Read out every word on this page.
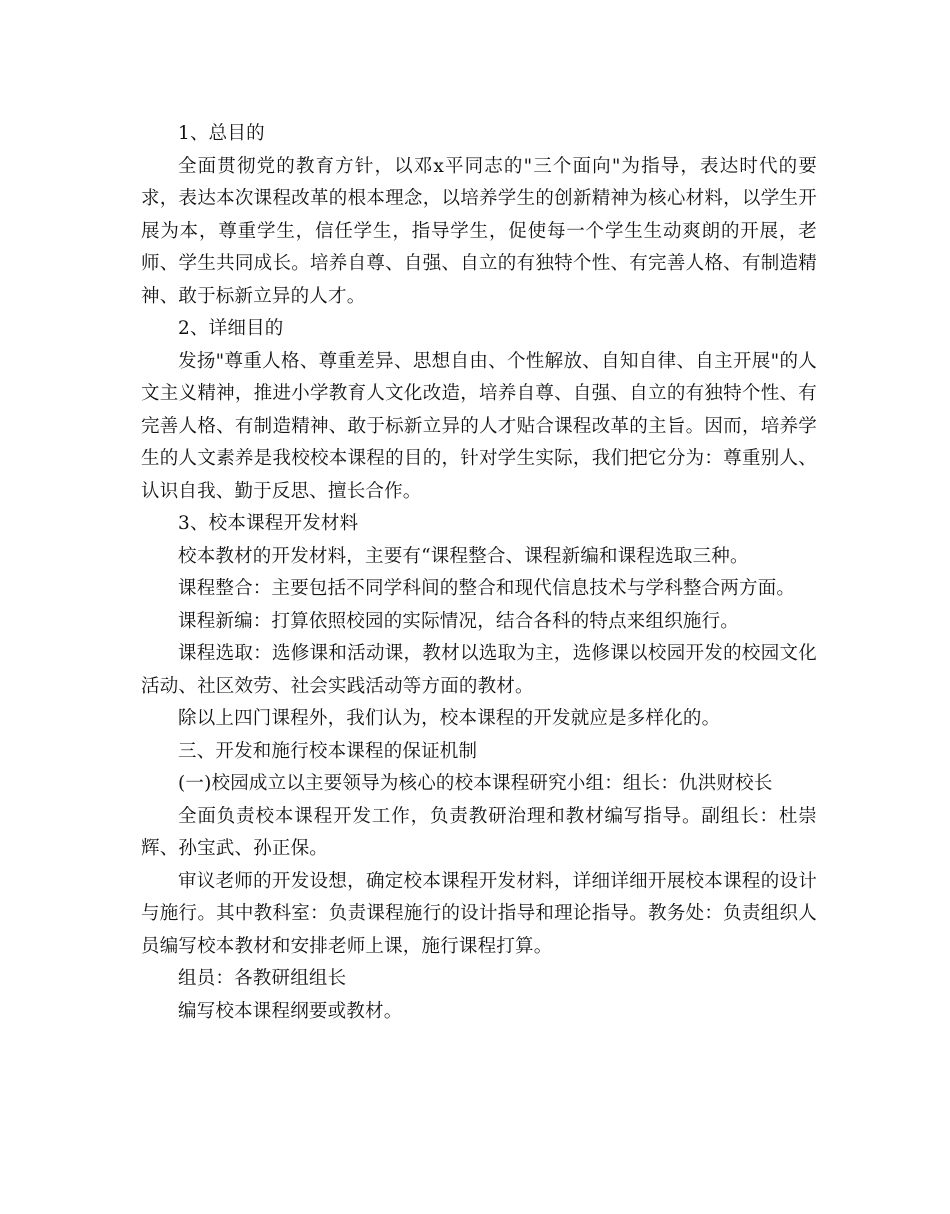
1、总目的

全面贯彻党的教育方针，以邓x平同志的"三个面向"为指导，表达时代的要求，表达本次课程改革的根本理念，以培养学生的创新精神为核心材料，以学生开展为本，尊重学生，信任学生，指导学生，促使每一个学生生动爽朗的开展，老师、学生共同成长。培养自尊、自强、自立的有独特个性、有完善人格、有制造精神、敢于标新立异的人才。

2、详细目的

发扬"尊重人格、尊重差异、思想自由、个性解放、自知自律、自主开展"的人文主义精神，推进小学教育人文化改造，培养自尊、自强、自立的有独特个性、有完善人格、有制造精神、敢于标新立异的人才贴合课程改革的主旨。因而，培养学生的人文素养是我校校本课程的目的，针对学生实际，我们把它分为：尊重别人、认识自我、勤于反思、擅长合作。

3、校本课程开发材料

校本教材的开发材料，主要有“课程整合、课程新编和课程选取三种。

课程整合：主要包括不同学科间的整合和现代信息技术与学科整合两方面。

课程新编：打算依照校园的实际情况，结合各科的特点来组织施行。

课程选取：选修课和活动课，教材以选取为主，选修课以校园开发的校园文化活动、社区效劳、社会实践活动等方面的教材。

除以上四门课程外，我们认为，校本课程的开发就应是多样化的。

三、开发和施行校本课程的保证机制

(一)校园成立以主要领导为核心的校本课程研究小组：组长：仇洪财校长

全面负责校本课程开发工作，负责教研治理和教材编写指导。副组长：杜崇辉、孙宝武、孙正保。

审议老师的开发设想，确定校本课程开发材料，详细详细开展校本课程的设计与施行。其中教科室：负责课程施行的设计指导和理论指导。教务处：负责组织人员编写校本教材和安排老师上课，施行课程打算。

组员：各教研组组长

编写校本课程纲要或教材。
